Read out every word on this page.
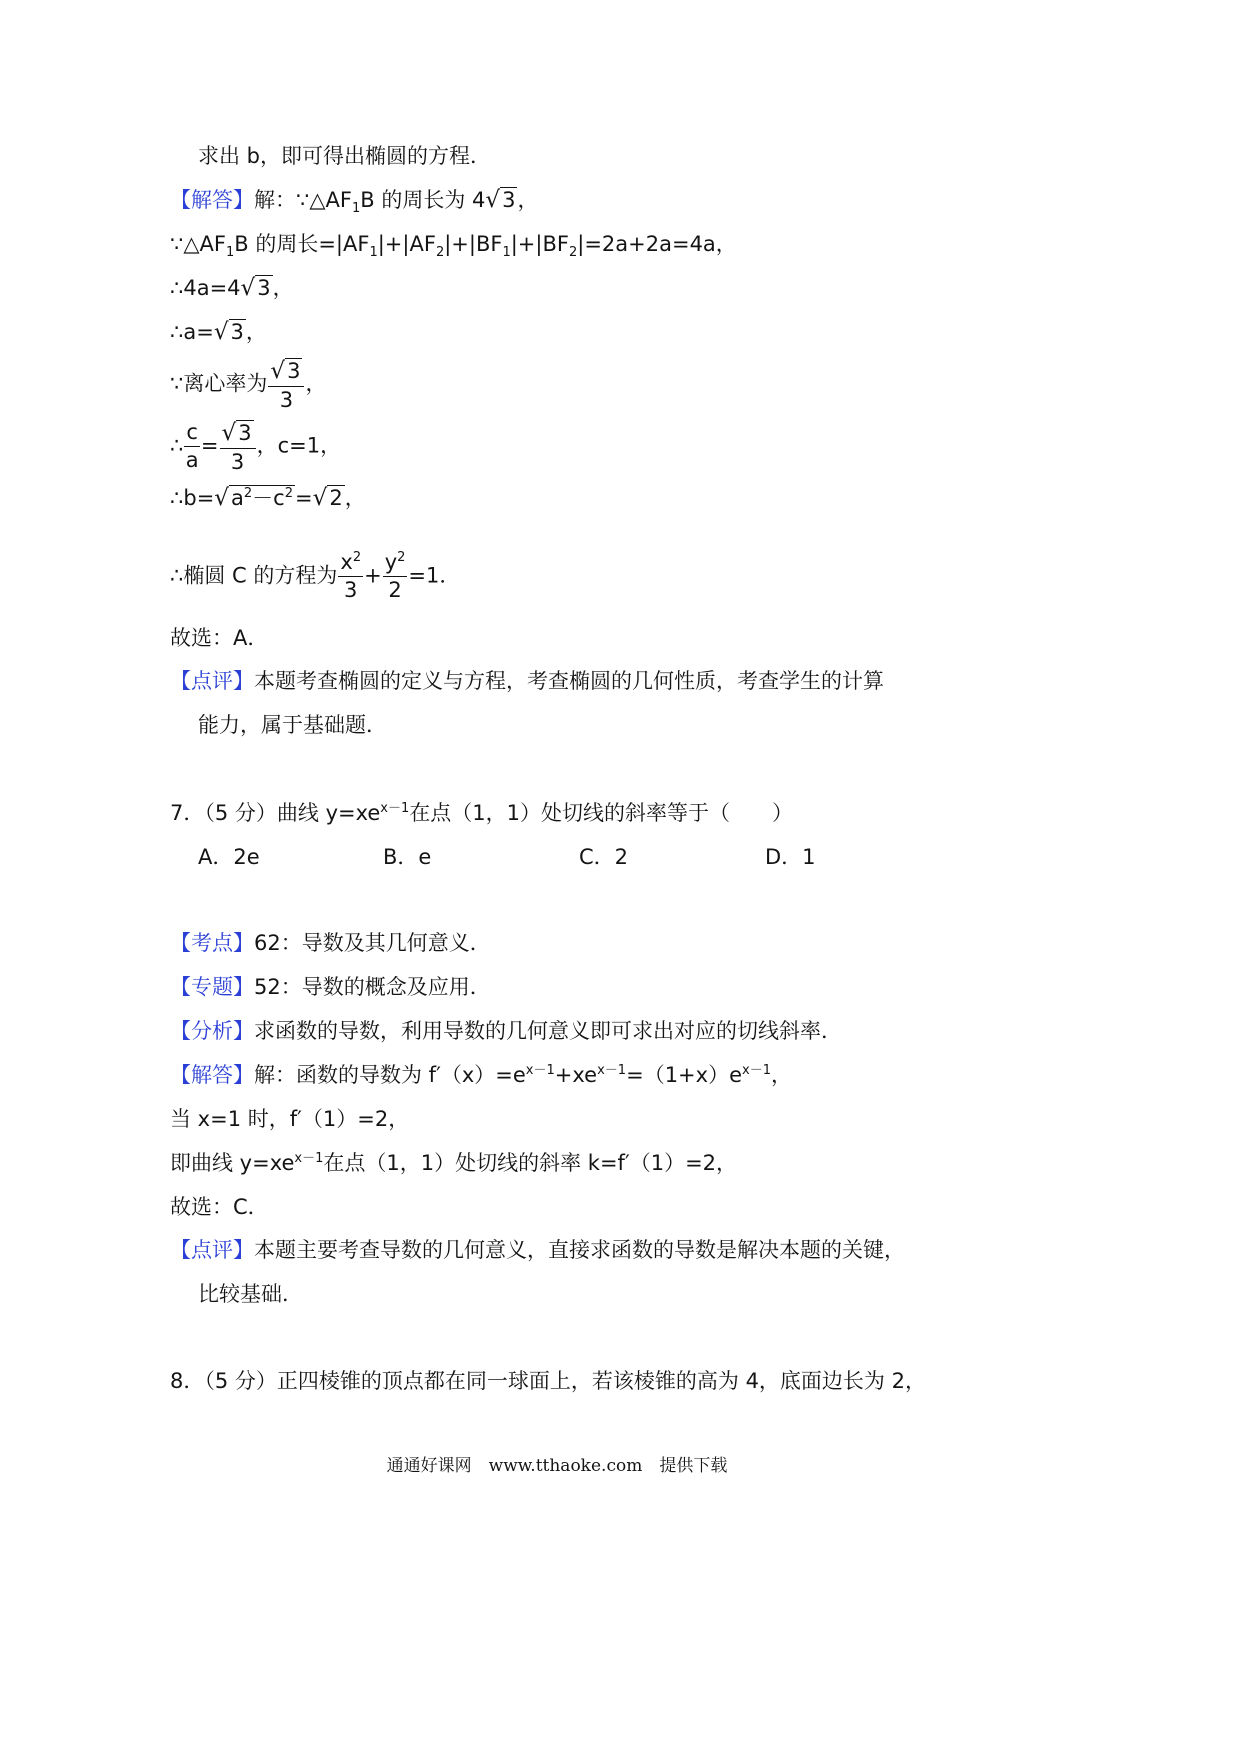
求出 b，即可得出椭圆的方程．
【解答】解：$\because\triangle AF_1B$ 的周长为 4√3，
$\because\triangle AF_1B$ 的周长$=|AF_1|+|AF_2|+|BF_1|+|BF_2|=2a+2a=4a$，
∴4a=4√3，
∴a=√3，
∵离心率为 $\frac{√3}{3}$ ，
∴ $\frac{c}{a} = \frac{√3}{3}$ ，c=1，
$\therefore b=√a^2-c^2=√2$，
∴椭圆 C 的方程为 $\frac{x^2}{3} + \frac{y^2}{2} =1$．
故选：A．
【点评】本题考查椭圆的定义与方程，考查椭圆的几何性质，考查学生的计算
能力，属于基础题．
7．（5 分）曲线 $y=xe^{x-1}$在点（1，1）处切线的斜率等于（　　）
A．2e	B．e	C．2	D．1
【考点】62：导数及其几何意义．
【专题】52：导数的概念及应用．
【分析】求函数的导数，利用导数的几何意义即可求出对应的切线斜率．
【解答】解：函数的导数为 $f'(x)=e^{x-1}+xe^{x-1}=(1+x)e^{x-1}$，
当 x=1 时，f′（1）=2，
即曲线 $y=xe^{x-1}$在点（1，1）处切线的斜率 k=f′（1）=2，
故选：C．
【点评】本题主要考查导数的几何意义，直接求函数的导数是解决本题的关键，
比较基础．
8．（5 分）正四棱锥的顶点都在同一球面上，若该棱锥的高为 4，底面边长为 2，
通通好课网　www.tthaoke.com　提供下载
